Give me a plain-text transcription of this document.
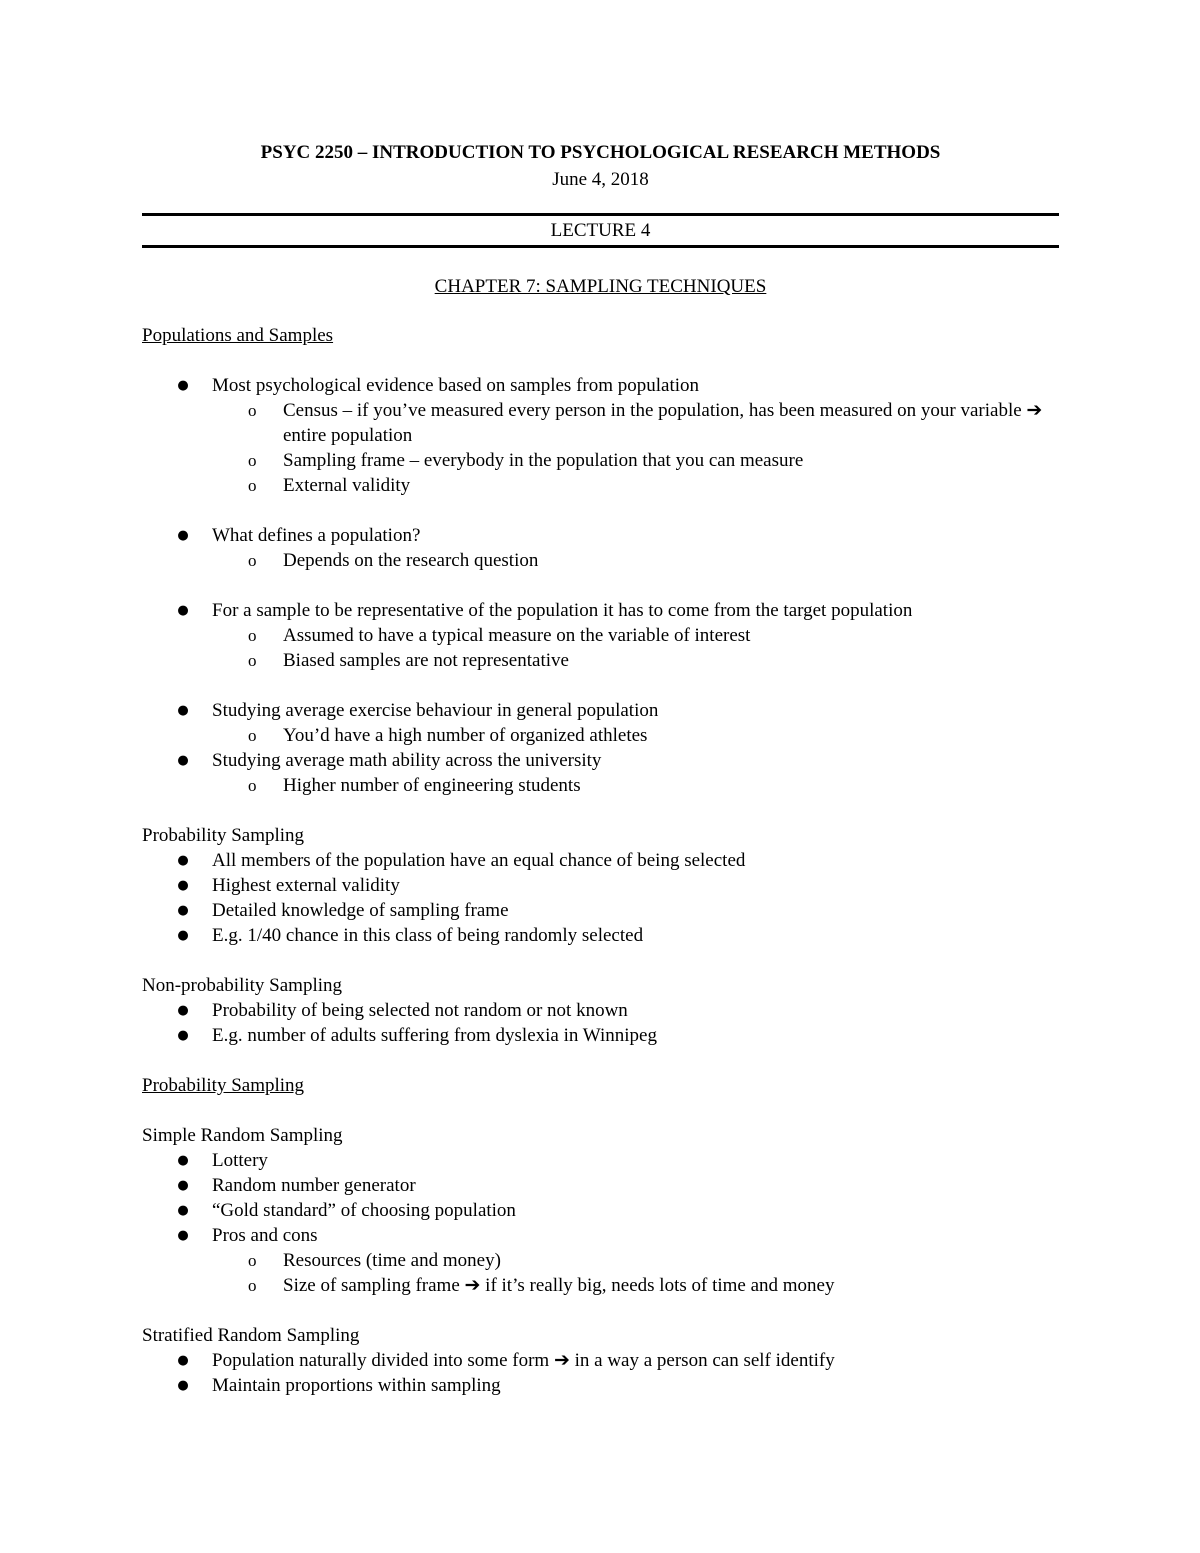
PSYC 2250 – INTRODUCTION TO PSYCHOLOGICAL RESEARCH METHODS
June 4, 2018
LECTURE 4
CHAPTER 7: SAMPLING TECHNIQUES
Populations and Samples
● Most psychological evidence based on samples from population
o Census – if you’ve measured every person in the population, has been measured on your variable ➔ entire population
o Sampling frame – everybody in the population that you can measure
o External validity
● What defines a population?
o Depends on the research question
● For a sample to be representative of the population it has to come from the target population
o Assumed to have a typical measure on the variable of interest
o Biased samples are not representative
● Studying average exercise behaviour in general population
o You’d have a high number of organized athletes
● Studying average math ability across the university
o Higher number of engineering students
Probability Sampling
● All members of the population have an equal chance of being selected
● Highest external validity
● Detailed knowledge of sampling frame
● E.g. 1/40 chance in this class of being randomly selected
Non-probability Sampling
● Probability of being selected not random or not known
● E.g. number of adults suffering from dyslexia in Winnipeg
Probability Sampling
Simple Random Sampling
● Lottery
● Random number generator
● “Gold standard” of choosing population
● Pros and cons
o Resources (time and money)
o Size of sampling frame ➔ if it’s really big, needs lots of time and money
Stratified Random Sampling
● Population naturally divided into some form ➔ in a way a person can self identify
● Maintain proportions within sampling
